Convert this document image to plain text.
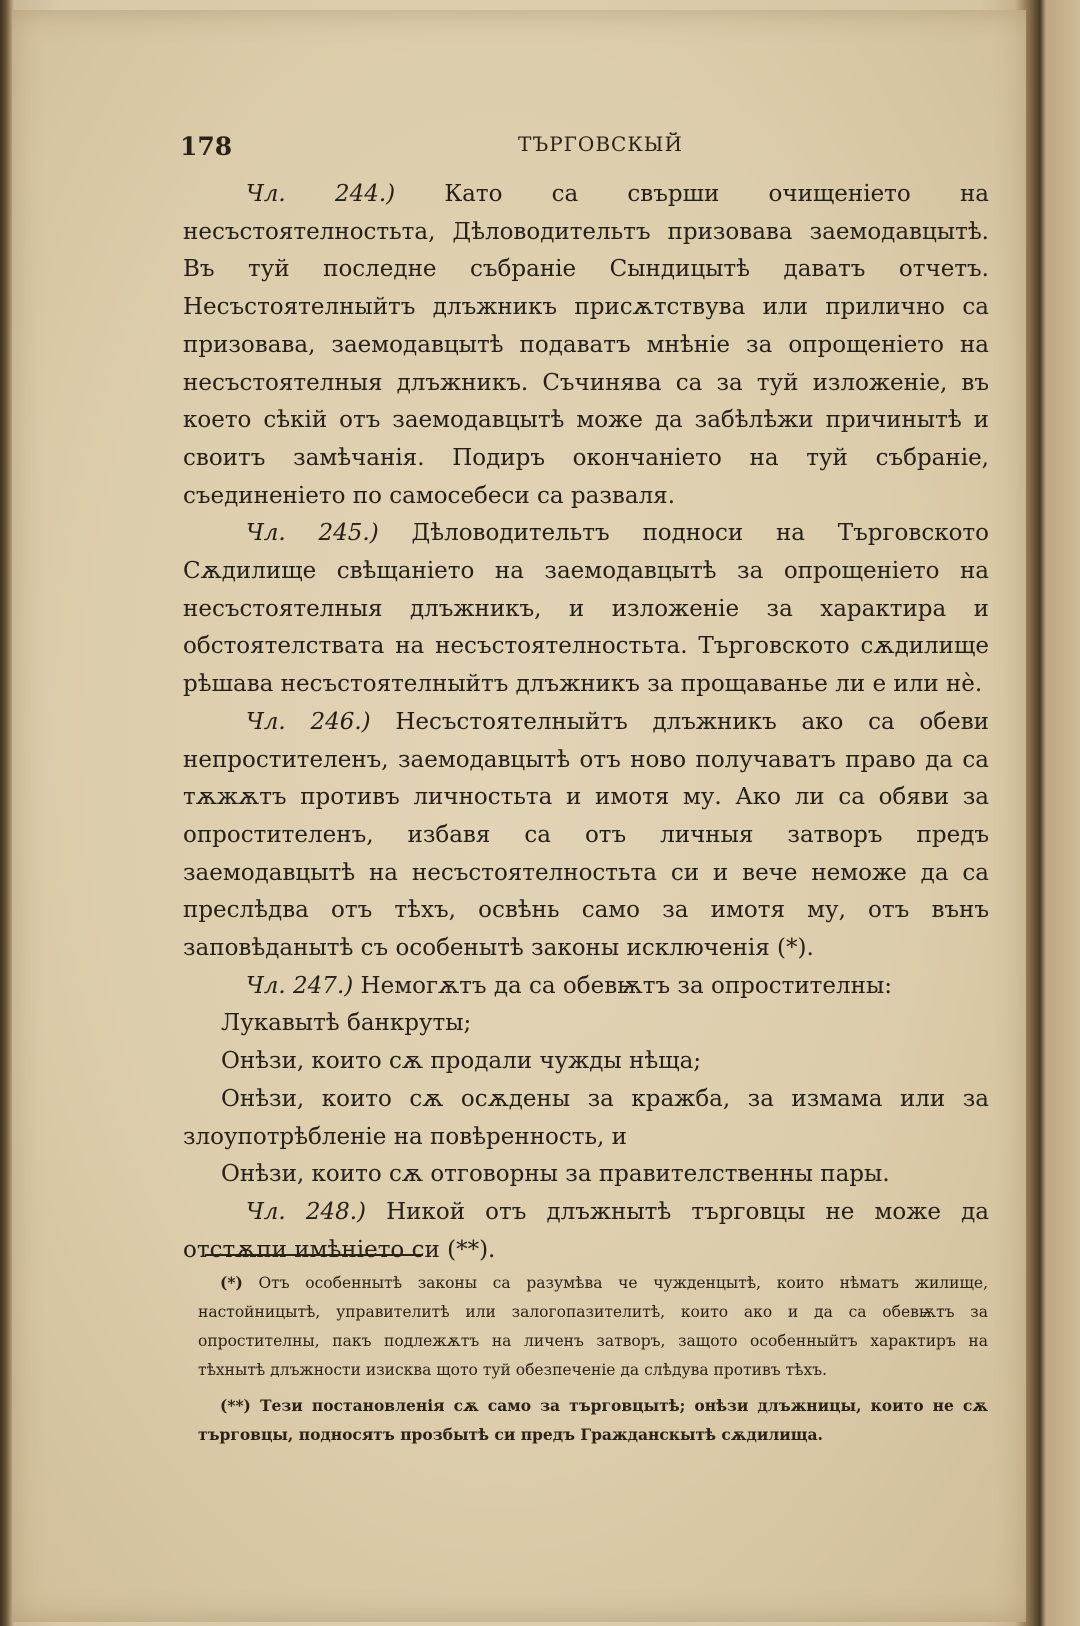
178	ТЪРГОВСКЫЙ

Чл. 244.) Като са свърши очищеніето на несъстоятелностьта, Дѣловодительтъ призовава заемодавцытѣ. Въ туй последне събраніе Сындицытѣ даватъ отчетъ. Несъстоятелныйтъ длъжникъ присѫтствува или прилично са призовава, заемодавцытѣ подаватъ мнѣніе за опрощеніето на несъстоятелныя длъжникъ. Съчинява са за туй изложеніе, въ което сѣкій отъ заемодавцытѣ може да забѣлѣжи причинытѣ и своитъ замѣчанія. Подиръ окончаніето на туй събраніе, съединеніето по самосебеси са разваля.

Чл. 245.) Дѣловодительтъ подноси на Търговското Сѫдилище свѣщаніето на заемодавцытѣ за опрощеніето на несъстоятелныя длъжникъ, и изложеніе за характира и обстоятелствата на несъстоятелностьта. Търговското сѫдилище рѣшава несъстоятелныйтъ длъжникъ за прощаванье ли е или нѐ.

Чл. 246.) Несъстоятелныйтъ длъжникъ ако са обеви непростителенъ, заемодавцытѣ отъ ново получаватъ право да са тѫжѫтъ противъ личностьта и имотя му. Ако ли са обяви за опростителенъ, избавя са отъ личныя затворъ предъ заемодавцытѣ на несъстоятелностьта си и вече неможе да са преслѣдва отъ тѣхъ, освѣнь само за имотя му, отъ вънъ заповѣданытѣ съ особенытѣ законы исключенія (*).

Чл. 247.) Немогѫтъ да са обевѭтъ за опростителны:

Лукавытѣ банкруты;

Онѣзи, които сѫ продали чужды нѣща;

Онѣзи, които сѫ осѫдены за кражба, за измама или за злоупотрѣбленіе на повѣренность, и

Онѣзи, които сѫ отговорны за правителственны пары.

Чл. 248.) Никой отъ длъжнытѣ търговцы не може да отстѫпи имѣніето си (**).

(*) Отъ особеннытѣ законы са разумѣва че чужденцытѣ, които нѣматъ жилище, настойницытѣ, управителитѣ или залогопазителитѣ, които ако и да са обевѭтъ за опростителны, пакъ подлежѫтъ на личенъ затворъ, защото особенныйтъ характиръ на тѣхнытѣ длъжности изисква щото туй обезпеченіе да слѣдува противъ тѣхъ.

(**) Тези постановленія сѫ само за търговцытѣ; онѣзи длъжницы, които не сѫ търговцы, подносятъ прозбытѣ си предъ Гражданскытѣ сѫдилища.
